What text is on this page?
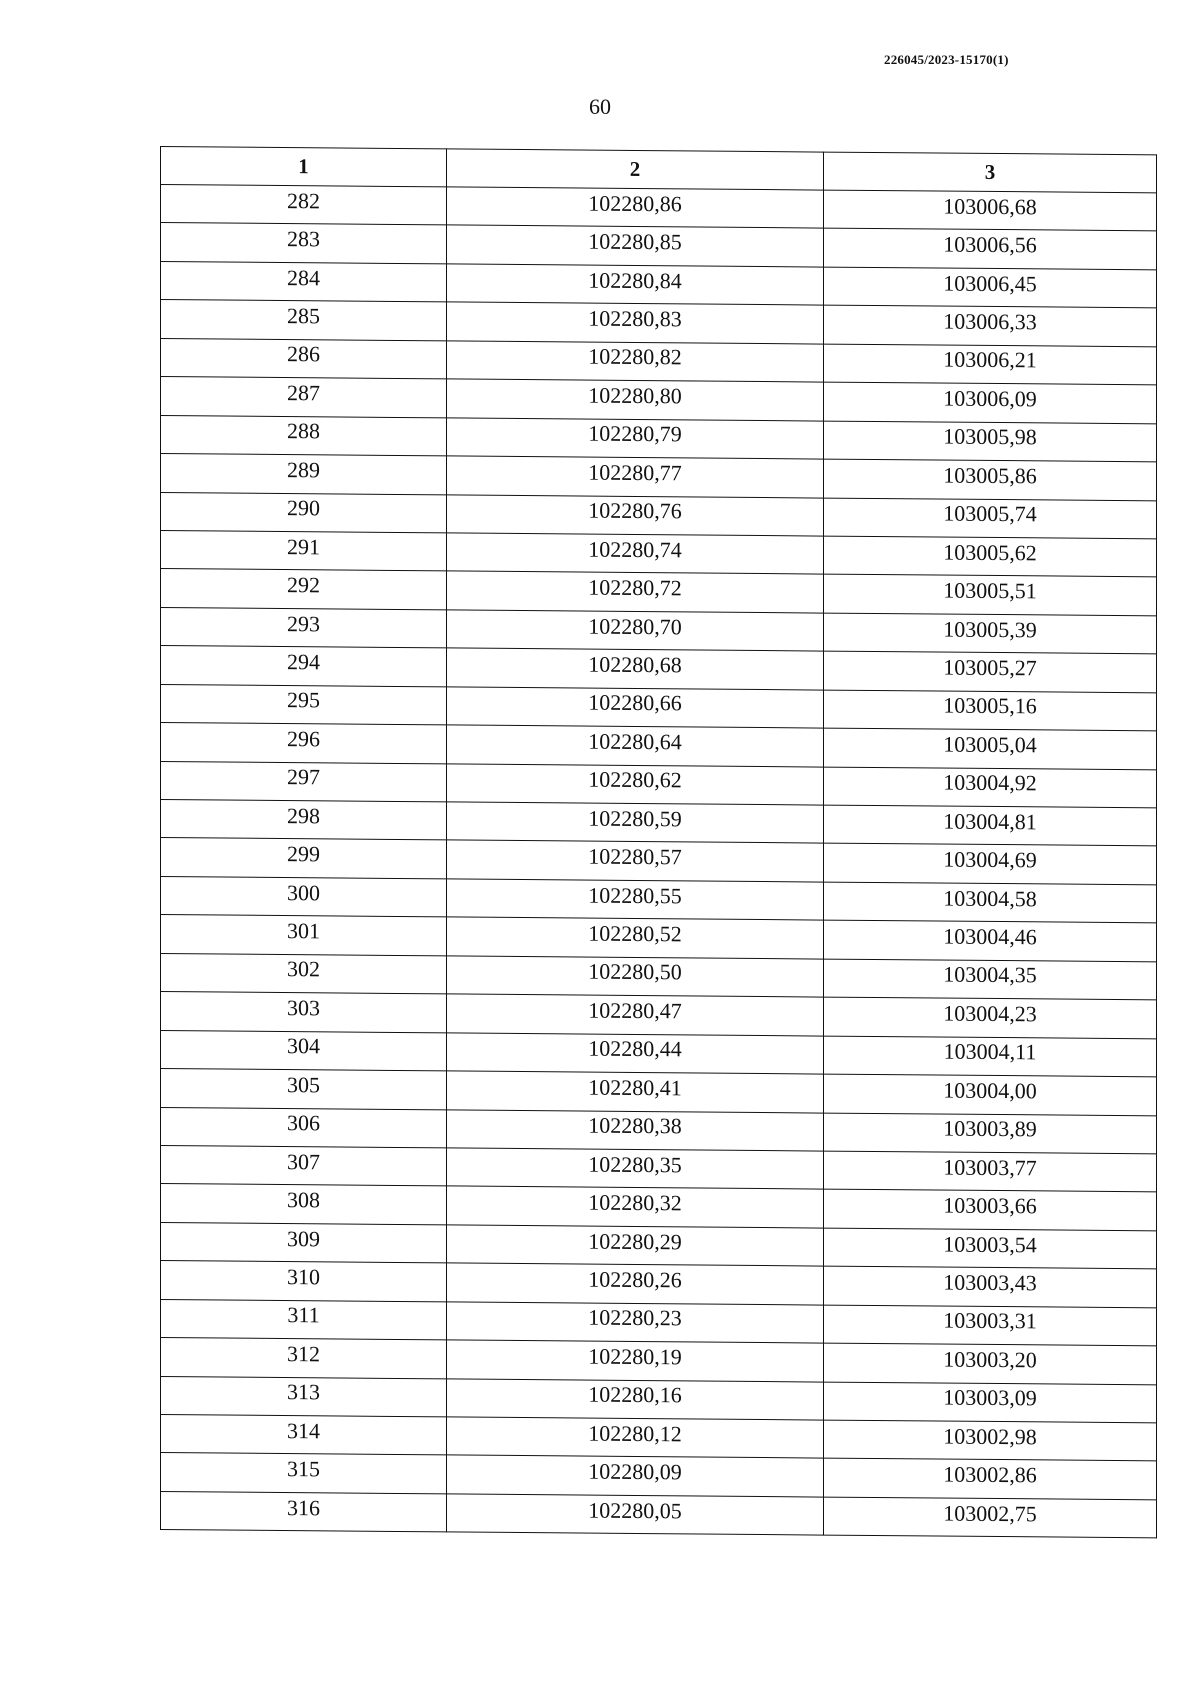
226045/2023-15170(1)
60
1	2	3
282	102280,86	103006,68
283	102280,85	103006,56
284	102280,84	103006,45
285	102280,83	103006,33
286	102280,82	103006,21
287	102280,80	103006,09
288	102280,79	103005,98
289	102280,77	103005,86
290	102280,76	103005,74
291	102280,74	103005,62
292	102280,72	103005,51
293	102280,70	103005,39
294	102280,68	103005,27
295	102280,66	103005,16
296	102280,64	103005,04
297	102280,62	103004,92
298	102280,59	103004,81
299	102280,57	103004,69
300	102280,55	103004,58
301	102280,52	103004,46
302	102280,50	103004,35
303	102280,47	103004,23
304	102280,44	103004,11
305	102280,41	103004,00
306	102280,38	103003,89
307	102280,35	103003,77
308	102280,32	103003,66
309	102280,29	103003,54
310	102280,26	103003,43
311	102280,23	103003,31
312	102280,19	103003,20
313	102280,16	103003,09
314	102280,12	103002,98
315	102280,09	103002,86
316	102280,05	103002,75
